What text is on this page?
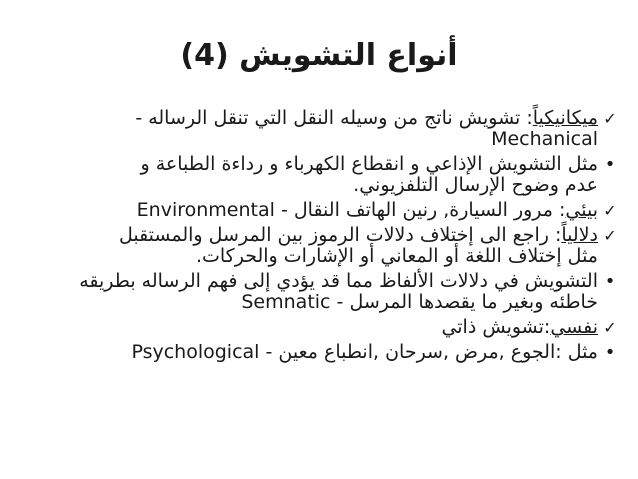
أنواع التشويش (4)
✓
ميكانيكياً: تشويش ناتج من وسيله النقل التي تنقل الرساله -
Mechanical
•
مثل التشويش الإذاعي و انقطاع الكهرباء و رداءة الطباعة و
عدم وضوح الإرسال التلفزيوني.
✓
بيئي: مرور السيارة, رنين الهاتف النقال - Environmental
✓
دلالياً: راجع الى إختلاف دلالات الرموز بين المرسل والمستقبل
مثل إختلاف اللغة أو المعاني أو الإشارات والحركات.
•
التشويش في دلالات الألفاظ مما قد يؤدي إلى فهم الرساله بطريقه
خاطئه وبغير ما يقصدها المرسل - Semnatic
✓
نفسي:تشويش ذاتي
•
مثل :الجوع ,مرض ,سرحان ,انطباع معين - Psychological
